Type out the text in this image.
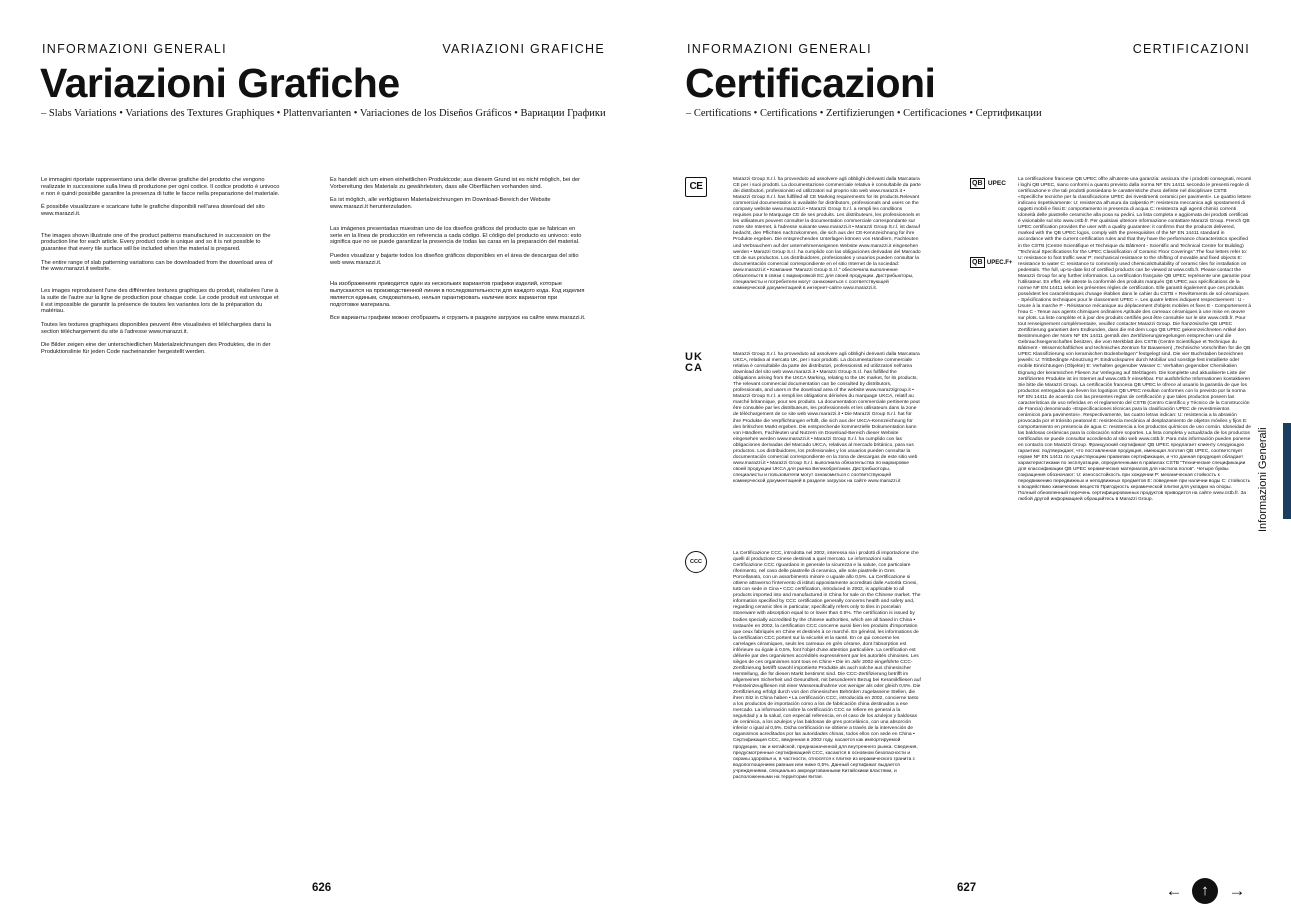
INFORMAZIONI GENERALI	VARIAZIONI GRAFICHE
Variazioni Grafiche
– Slabs Variations • Variations des Textures Graphiques • Plattenvarianten • Variaciones de los Diseños Gráficos • Вариации Графики

Le immagini riportate rappresentano una delle diverse grafiche del prodotto che vengono realizzate in successione sulla linea di produzione per ogni codice. Il codice prodotto è univoco e non è quindi possibile garantire la presenza di tutte le facce nella preparazione del materiale.

È possibile visualizzare e scaricare tutte le grafiche disponibili nell'area download del sito www.marazzi.it.

The images shown illustrate one of the product patterns manufactured in succession on the production line for each article. Every product code is unique and so it is not possible to guarantee that every tile surface will be included when the material is prepared.

The entire range of slab patterning variations can be downloaded from the download area of the www.marazzi.it website.

Les images reproduisent l'une des différentes textures graphiques du produit, réalisées l'une à la suite de l'autre sur la ligne de production pour chaque code. Le code produit est univoque et il est impossible de garantir la présence de toutes les variantes lors de la préparation du matériau.

Toutes les textures graphiques disponibles peuvent être visualisées et téléchargées dans la section téléchargement du site à l'adresse www.marazzi.it.

Die Bilder zeigen eine der unterschiedlichen Materialzeichnungen des Produktes, die in der Produktionslinie für jeden Code nacheinander hergestellt werden.

Es handelt sich um einen einheitlichen Produktcode; aus diesem Grund ist es nicht möglich, bei der Vorbereitung des Materials zu gewährleisten, dass alle Oberflächen vorhanden sind.

Es ist möglich, alle verfügbaren Materialzeichnungen im Download-Bereich der Website www.marazzi.it herunterzuladen.

Las imágenes presentadas muestran uno de los diseños gráficos del producto que se fabrican en serie en la línea de producción en referencia a cada código. El código del producto es univoco: esto significa que no se puede garantizar la presencia de todas las caras en la preparación del material.

Puedes visualizar y bajarte todos los diseños gráficos disponibles en el área de descargas del sitio web www.marazzi.it.

На изображениях приводится один из нескольких вариантов графики изделий, которые выпускаются на производственной линии в последовательности для каждого кода. Код изделия является единым, следовательно, нельзя гарантировать наличие всех вариантов при подготовке материала.

Все варианты графики можно отобразить и сгрузить в разделе загрузок на сайте www.marazzi.it.

626
INFORMAZIONI GENERALI	CERTIFICAZIONI
Certificazioni
– Certifications • Certifications • Zertifizierungen • Certificaciones • Сертификации
CE
Marazzi Group S.r.l. ha provveduto ad assolvere agli obblighi derivanti dalla Marcatura CE per i suoi prodotti. La documentazione commerciale relativa è consultabile da parte dei distributori, professionisti ed utilizzatori sul proprio sito web www.marazzi.it • Marazzi Group S.r.l. has fulfilled all CE Marking requirements for its products.Relevant commercial documentation is available for distributors, professionals and users on the company website www.marazzi.it • Marazzi Group S.r.l. a rempli les conditions requises pour le Marquage CE de ses produits. Les distributeurs, les professionnels et les utilisateurs peuvent consulter la documentation commerciale correspondante sur notre site Internet, à l'adresse suivante www.marazzi.it • Marazzi Group S.r.l. ist darauf bedacht, den Pflichten nachzukommen, die sich aus der CE-Kennzeichnung für ihre Produkte ergeben. Die entsprechenden Unterlagen können von Händlern, Fachleuten und Verbrauchern auf der unternehmenseigenen Website www.marazzi.it eingesehen werden • Marazzi Group S.r.l. ha cumplido con las obligaciones derivadas del Marcado CE de sus productos. Los distribuidores, profesionales y usuarios pueden consultar la documentación comercial correspondiente en el sitio Internet de la sociedad: www.marazzi.it • Компания "Marazzi Group S.r.l." обеспечила выполнение обязательств в связи с маркировкой ЕС для своей продукции. Дистрибьюторы, специалисты и потребители могут ознакомиться с соответствующей коммерческой документацией в интернет-сайте www.marazzi.it.
UK
CA
Marazzi Group S.r.l. ha provveduto ad assolvere agli obblighi derivanti dalla Marcatura UKCA, relativa al mercato UK, per i suoi prodotti. La documentazione commerciale relativa è consultabile da parte dei distributori, professionisti ed utilizzatori nell'area download del sito web www.marazzi.it • Marazzi Group S.r.l. has fulfilled the obligations arising from the UKCA Marking, relating to the UK market, for its products. The relevant commercial documentation can be consulted by distributors, professionals, and users in the download area of the website www.marazzigroup.it • Marazzi Group S.r.l. a rempli les obligations dérivées du marquage UKCA, relatif au marché britannique, pour ses produits. La documentation commerciale pertinente peut être consultée par les distributeurs, les professionnels et les utilisateurs dans la zone de téléchargement de ce site web www.marazzi.it • Die Marazzi Group S.r.l. hat für ihre Produkte die Verpflichtungen erfüllt, die sich aus der UKCA-Kennzeichnung für den britischen Markt ergeben. Die entsprechende kommerzielle Dokumentation kann von Händlern, Fachleuten und Nutzern im Download-Bereich dieser Website eingesehen werden www.marazzi.it • Marazzi Group S.r.l. ha cumplido con las obligaciones derivadas del Marcado UKCA, relativas al mercado británico, para sus productos. Los distribuidores, los profesionales y los usuarios pueden consultar la documentación comercial correspondiente en la zona de descargas de este sitio web www.marazzi.it • Marazzi Group S.r.l. выполнила обязательства по маркировке своей продукции UKCA для рынка Великобритании. Дистрибьюторы, специалисты и пользователи могут ознакомиться с соответствующей коммерческой документацией в разделе загрузок на сайте www.marazzi.it
CCC
La Certificazione CCC, introdotta nel 2002, interessa sia i prodotti di importazione che quelli di produzione Cinese destinati a quel mercato. Le informazioni sulla Certificazione CCC riguardano in generale la sicurezza e la salute, con particolare riferimento, nel caso delle piastrelle di ceramica, alle sole piastrelle in Gres Porcellanato, con un assorbimento minore o uguale allo 0,5%. La Certificazione si ottiene attraverso l'intervento di istituti appositamente accreditati dalle Autorità Cinesi, tutti con sede in Cina • CCC certification, introduced in 2002, is applicable to all products imported into and manufactured in China for sale on the Chinese market. The information specified by CCC certification generally concerns health and safety and, regarding ceramic tiles in particular, specifically refers only to tiles in porcelain stoneware with absorption equal to or lower than 0.5%. The certification is issued by bodies specially accredited by the chinese authorities, which are all based in China • Instaurée en 2002, la certification CCC concerne aussi bien les produits d'importation que ceux fabriqués en Chine et destinés à ce marché. En général, les informations de la certification CCC portent sur la sécurité et la santé. En ce qui concerne les carrelages céramiques, seuls les carreaux en grès cérame, dont l'absorption est inférieure ou égale à 0,5%, font l'objet d'une attention particulière. La certification est délivrée par des organismes accrédités expressément par les autorités chinoises. Les sièges de ces organismes sont tous en Chine • Die im Jahr 2002 eingeführte CCC-Zertifizierung betrifft sowohl importierte Produkte als auch solche aus chinesischer Herstellung, die für diesen Markt bestimmt sind. Die CCC-Zertifizierung betrifft im allgemeinen Sicherheit und Gesundheit, mit besonderem Bezug bei Keramikfliesen auf Feinsteinzeugfliesen mit einer Wasseraufnahme von weniger als oder gleich 0,5%. Die Zertifizierung erfolgt durch von den chinesischen Behörden zugelassene Stellen, die ihren Sitz in China haben • La certificación CCC, introducida en 2002, concierne tanto a los productos de importación como a los de fabricación china destinados a ese mercado. La información sobre la certificación CCC se refiere en general a la seguridad y a la salud, con especial referencia, en el caso de los azulejos y baldosas de cerámica, a los azulejos y las baldosas de gres porcelánico, con una absorción inferior o igual al 0,5%. Dicha certificación se obtiene a través de la intervención de organismos acreditados por las autoridades chinas, todos ellos con sede en China • Сертификация CCC, введенная в 2002 году, касается как импортируемой продукции, так и китайской, предназначенной для внутреннего рынка. Сведения, предусмотренные сертификацией CCC, касаются в основном безопасности и охраны здоровья и, в частности, относятся к плитке из керамического гранита с водопоглощением равным или ниже 0,5%. Данный сертификат выдается учреждениями, специально аккредитованными Китайскими властями, и расположенными на территории Китая.
QB UPEC
QB UPEC.F+
La certificazione francese QB UPEC offre all'utente una garanzia: assicura che i prodotti consegnati, recanti i loghi QB UPEC, siano conformi a quanto previsto dalla norma NF EN 14411 secondo le presenti regole di certificazione e che tali prodotti possiedano le caratteristiche d'uso definite nel disciplinare CSTB «Specifiche tecniche per la classificazione UPEC dei rivestimenti ceramici per pavimenti». Le quattro lettere indicano rispettivamente: U: resistenza all'usura da calpestio P: resistenza meccanica agli spostamenti di oggetti mobili e fissi E: comportamento in presenza di acqua C: resistenza agli agenti chimici correnti Idoneità delle piastrelle ceramiche alla posa su pedini. La lista completa e aggiornata dei prodotti certificati è visionabile sul sito www.cstb.fr. Per qualsiasi ulteriore informazione contattare Marazzi Group. French QB UPEC certification provides the user with a quality guarantee: it confirms that the products delivered, marked with the QB UPEC logos, comply with the prerequisites of the NF EN 14411 standard in accordance with the current certification rules and that they have the performance characteristics specified in the CSTB (Centre Scientifique et Technique du Bâtiment - Scientific and Technical Centre for Building) "Technical Specifications for the UPEC Classification of Ceramic Floor Coverings".The four letters refer to: U: resistance to foot traffic wear P: mechanical resistance to the shifting of movable and fixed objects E: resistance to water C: resistance to commonly used chemicalsSuitability of ceramic tiles for installation on pedestals. The full, up-to-date list of certified products can be viewed at www.cstb.fr. Please contact the Marazzi Group for any further information. La certification française QB UPEC représente une garantie pour l'utilisateur. En effet, elle atteste la conformité des produits marqués QB UPEC aux spécifications de la norme NF EN 14411 selon les présentes règles de certification. Elle garantit également que ces produits possèdent les caractéristiques d'usage établies dans le cahier du CSTB « Revêtements de sol céramiques - Spécifications techniques pour le classement UPEC ». Les quatre lettres indiquent respectivement : U - Usure à la marche P - Résistance mécanique au déplacement d'objets mobiles et fixes E - Comportement à l'eau C - Tenue aux agents chimiques ordinaires Aptitude des carreaux céramiques à une mise en œuvre sur plots. La liste complète et à jour des produits certifiés peut être consultée sur le site www.cstb.fr. Pour tout renseignement complémentaire, veuillez contacter Marazzi Group. Die französische QB UPEC Zertifizierung garantiert dem Endkunden, dass die mit dem Logo QB UPEC gekennzeichneten Artikel den Bestimmungen der Norm NF EN 14411 gemäß den Zertifizierungsregelungen entsprechen und die Gebrauchseigenschaften besitzen, die vom Merkblatt des CSTB (Centre Scientifique et Technique du Bâtiment - Wissenschaftliches und technisches Zentrum für Bauwesen) „Technische Vorschriften für die QB UPEC Klassifizierung von keramischen Bodenbelägen" festgelegt sind. Die vier Buchstaben bezeichnen jeweils: U: Trittbedingte Abnutzung P: Eindruckspuren durch Mobiliar und sonstige fest installierte oder mobile Einrichtungen (Objekte) E: Verhalten gegenüber Wasser C: Verhalten gegenüber Chemikalien Eignung der keramischen Fliesen zur Verlegung auf Stelzlagern. Die komplette und aktualisierte Liste der zertifizierten Produkte ist im Internet auf www.cstb.fr einsehbar. Für ausführliche Informationen kontaktieren Sie bitte die Marazzi Group. La certificación francesa QB UPEC le ofrece al usuario la garantía de que los productos entregados que lleven los logotipos QB UPEC resultan conformes con lo previsto por la norma NF EN 14411 de acuerdo con las presentes reglas de certificación y que tales productos poseen las características de uso referidas en el reglamento del CSTB (Centro Científico y Técnico de la Construcción de Francia) denominado «Especificaciones técnicas para la clasificación UPEC de revestimientos cerámicos para pavimentos». Respectivamente, las cuatro letras indican: U: resistencia a la abrasión provocada por el tránsito peatonal E: resistencia mecánica al desplazamiento de objetos móviles y fijos E: comportamiento en presencia de agua C: resistencia a los productos químicos de uso común. Idoneidad de las baldosas cerámicas para la colocación sobre soportes. La lista completa y actualizada de los productos certificados se puede consultar accediendo al sitio web www.cstb.fr. Para más información pueden ponerse en contacto con Marazzi Group. Французский сертификат QB UPEC предлагает клиенту следующую гарантию: подтверждает, что поставленная продукция, имеющая логотип QB UPEC, соответствует норме NF EN 14411 по существующим правилам сертификации, и что данная продукция обладает характеристиками по эксплуатации, определенными в правилах CSTB "Технические спецификации для классификации QB UPEC керамических материалов для настила полов". Четыре буквы сокращения обозначают: U: износостойкость при хождении P: механическая стойкость к передвижению передвижных и неподвижных предметов E: поведение при наличии воды C: стойкость к воздействию химических веществ Пригодность керамической плитки для укладки на опоры. Полный обновленный перечень сертифицированных продуктов приводится на сайте www.cstb.fr. За любой другой информацией обращайтесь в Marazzi Group.
627
Informazioni Generali
←	↑	→
